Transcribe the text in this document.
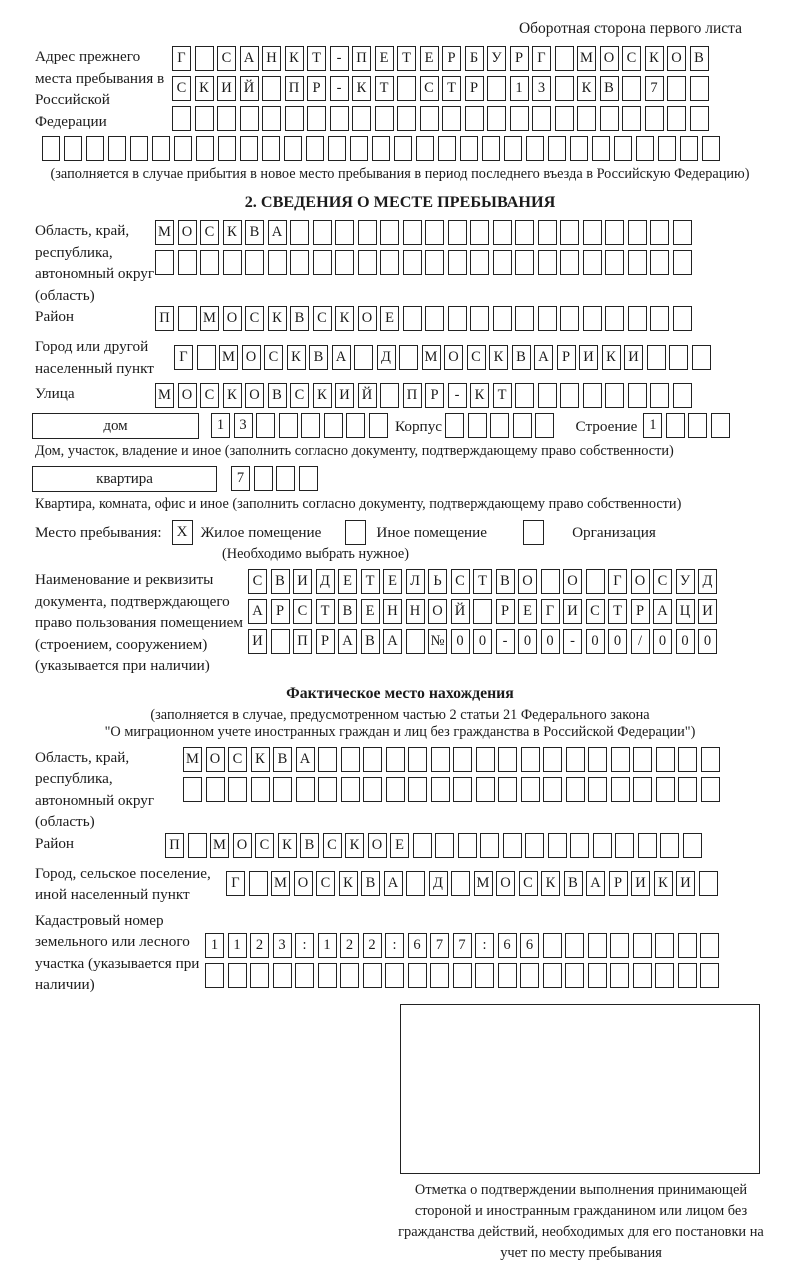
Оборотная сторона первого листа
Адрес прежнего места пребывания в Российской Федерации
Г С А Н К Т - П Е Т Е Р Б У Р Г М О С К О В
С К И Й П Р - К Т С Т Р	1 3	К В	7
(заполняется в случае прибытия в новое место пребывания в период последнего въезда в Российскую Федерацию)
2. СВЕДЕНИЯ О МЕСТЕ ПРЕБЫВАНИЯ
Область, край, республика, автономный округ (область)
М О С К В А
Район	П М О С К В С К О Е
Город или другой населенный пункт
Г М О С К В А Д М О С К В А Р И К И
Улица	М О С К О В С К И Й П Р - К Т
дом	1 3	Корпус	Строение 1
Дом, участок, владение и иное (заполнить согласно документу, подтверждающему право собственности)
квартира	7
Квартира, комната, офис и иное (заполнить согласно документу, подтверждающему право собственности)
Место пребывания:	X Жилое помещение	Иное помещение	Организация
(Необходимо выбрать нужное)
Наименование и реквизиты документа, подтверждающего право пользования помещением (строением, сооружением) (указывается при наличии)
С В И Д Е Т Е Л Ь С Т В О О Г О С У Д
А Р С Т В Е Н Н О Й Р Е Г И С Т Р А Ц И
И П Р А В А № 0 0 - 0 0 - 0 0 / 0 0 0
Фактическое место нахождения
(заполняется в случае, предусмотренном частью 2 статьи 21 Федерального закона
"О миграционном учете иностранных граждан и лиц без гражданства в Российской Федерации")
Область, край, республика, автономный округ (область)
М О С К В А
Район	П М О С К В С К О Е
Город, сельское поселение, иной населенный пункт
Г М О С К В А Д М О С К В А Р И К И
Кадастровый номер земельного или лесного участка (указывается при наличии)
1 1 2 3 : 1 2 2 : 6 7 7 : 6 6
Отметка о подтверждении выполнения принимающей стороной и иностранным гражданином или лицом без гражданства действий, необходимых для его постановки на учет по месту пребывания
